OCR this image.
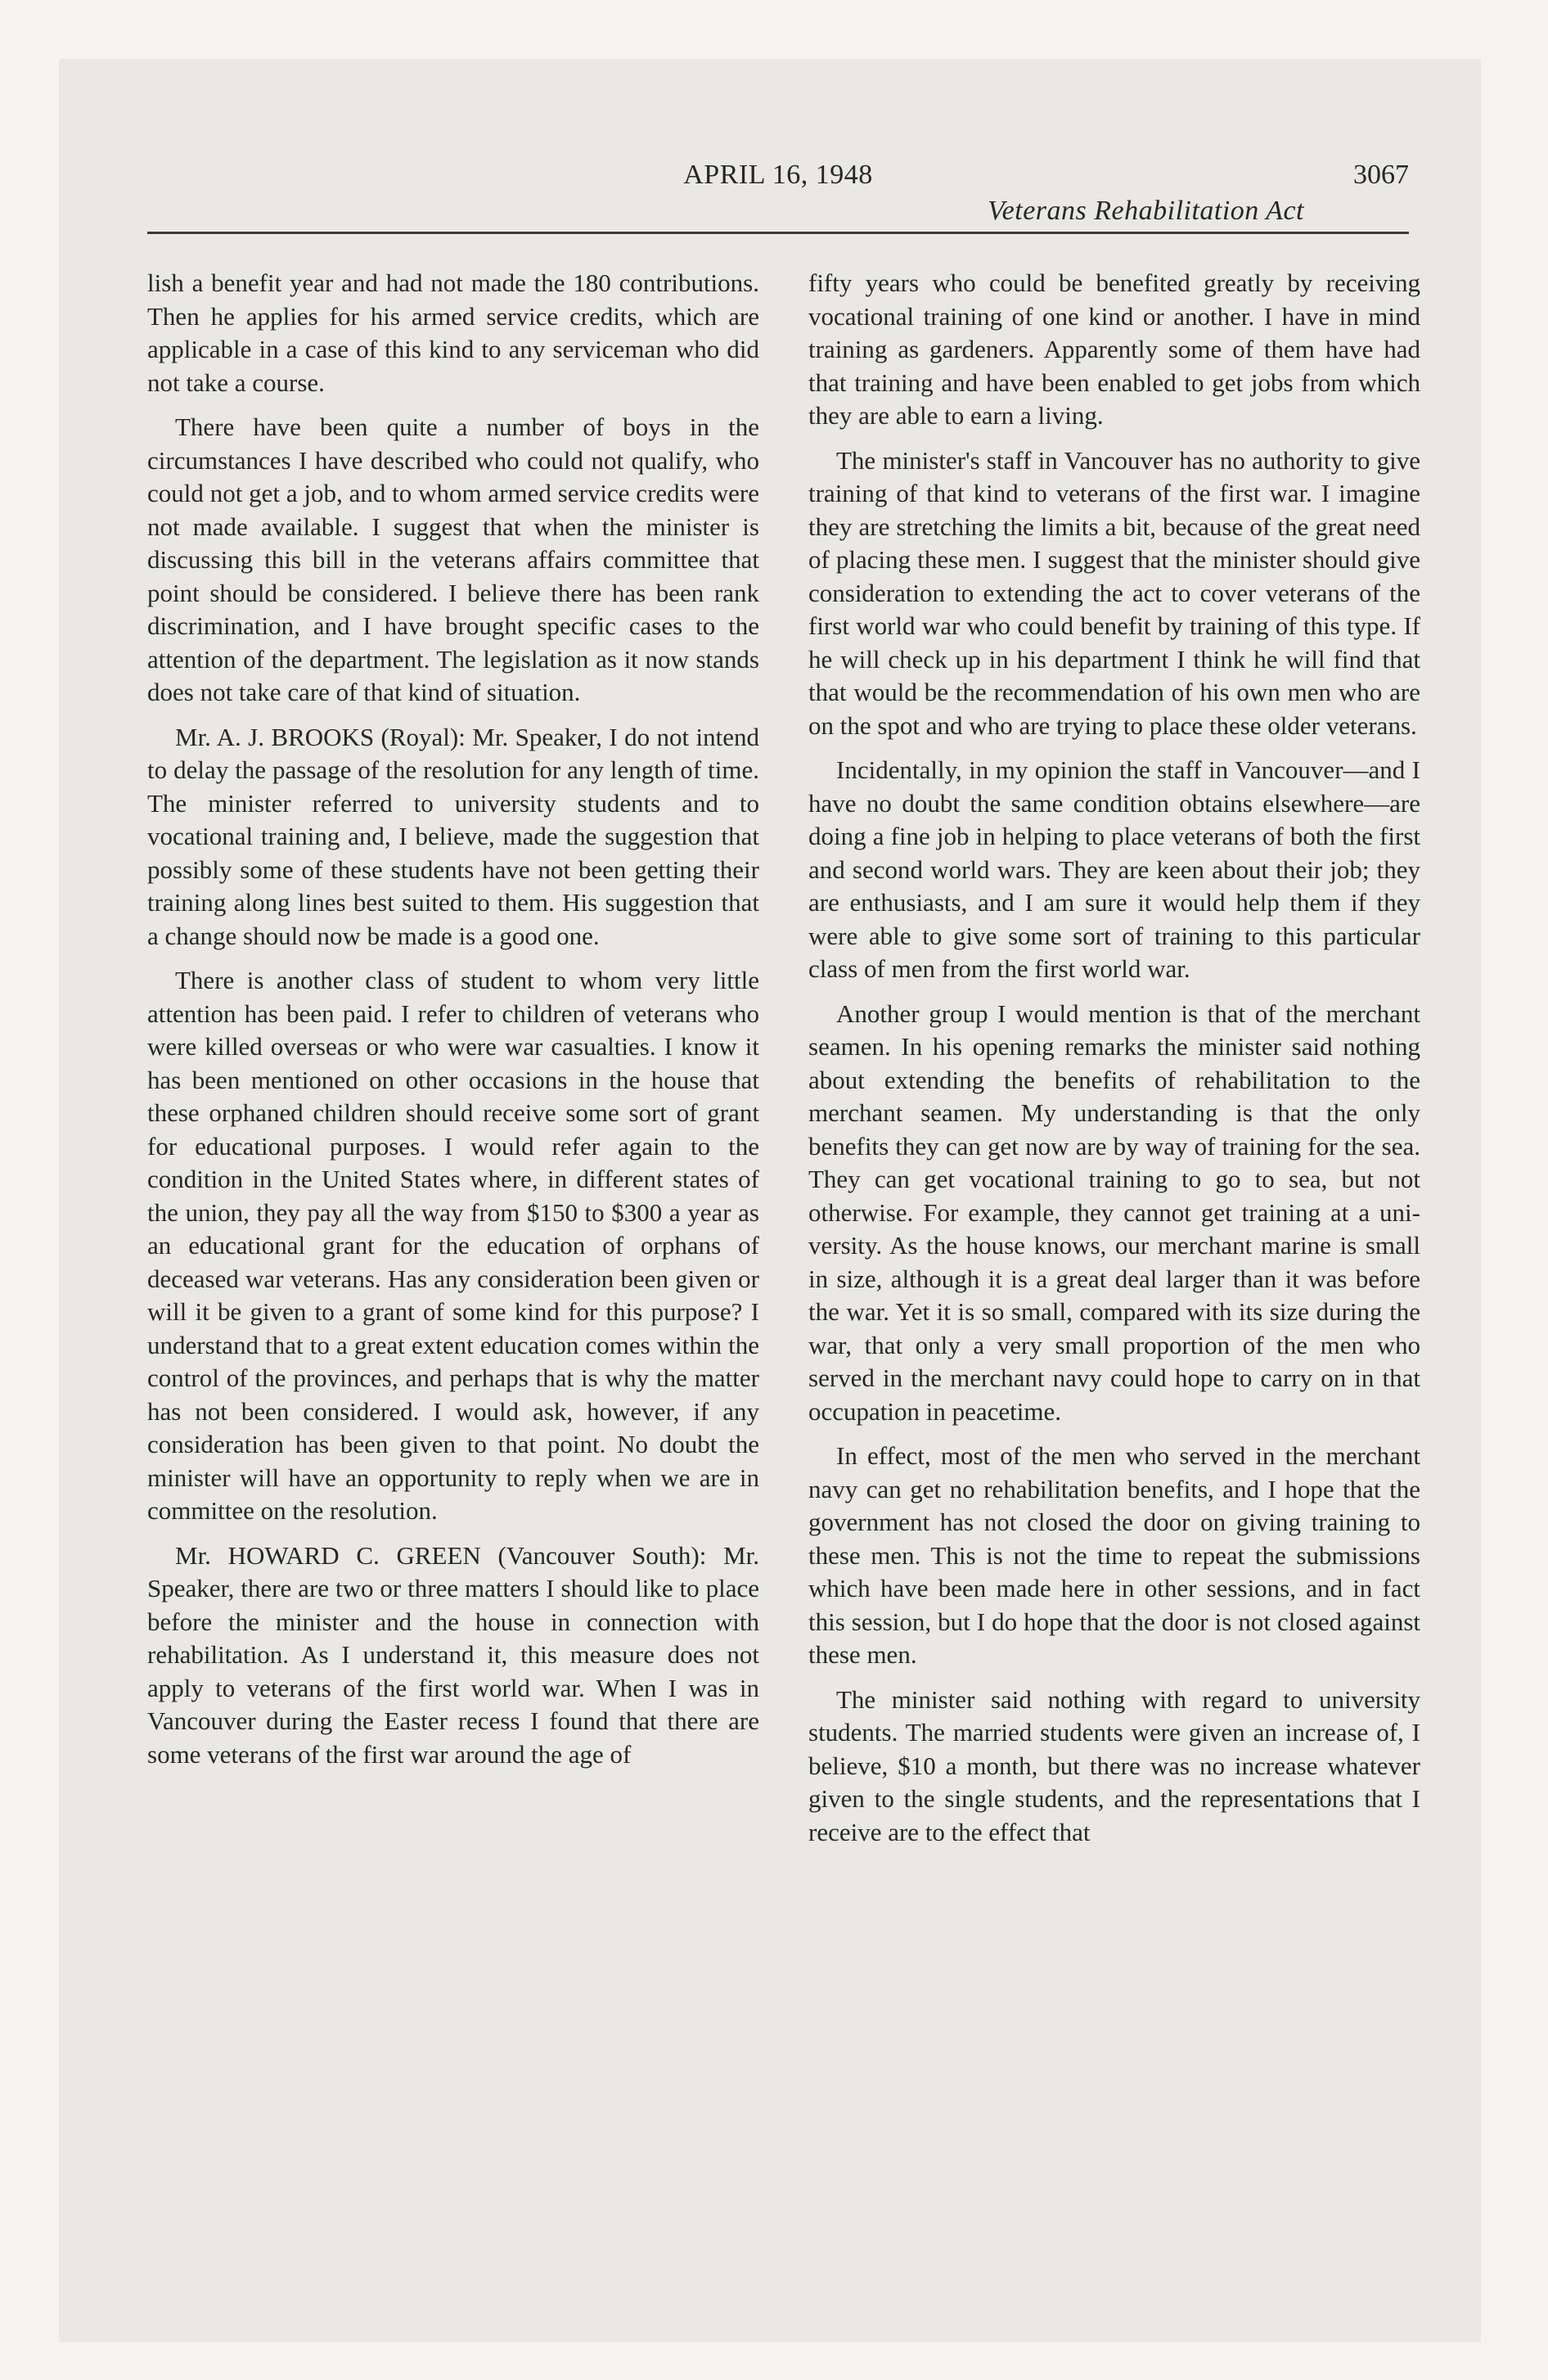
APRIL 16, 1948	3067
Veterans Rehabilitation Act

lish a benefit year and had not made the 180 contributions. Then he applies for his armed service credits, which are applicable in a case of this kind to any serviceman who did not take a course.

There have been quite a number of boys in the circumstances I have described who could not qualify, who could not get a job, and to whom armed service credits were not made available. I suggest that when the minister is discussing this bill in the veterans affairs committee that point should be considered. I believe there has been rank discrimination, and I have brought specific cases to the attention of the department. The legislation as it now stands does not take care of that kind of situation.

Mr. A. J. BROOKS (Royal): Mr. Speaker, I do not intend to delay the passage of the resolution for any length of time. The minister referred to university students and to vocational training and, I believe, made the suggestion that possibly some of these students have not been getting their training along lines best suited to them. His suggestion that a change should now be made is a good one.

There is another class of student to whom very little attention has been paid. I refer to children of veterans who were killed overseas or who were war casualties. I know it has been mentioned on other occasions in the house that these orphaned children should receive some sort of grant for educational purposes. I would refer again to the condition in the United States where, in different states of the union, they pay all the way from $150 to $300 a year as an educational grant for the education of orphans of deceased war veterans. Has any consideration been given or will it be given to a grant of some kind for this purpose? I understand that to a great extent education comes within the control of the provinces, and perhaps that is why the matter has not been considered. I would ask, however, if any consideration has been given to that point. No doubt the minister will have an opportunity to reply when we are in committee on the resolution.

Mr. HOWARD C. GREEN (Vancouver South): Mr. Speaker, there are two or three matters I should like to place before the minister and the house in connection with rehabilitation. As I understand it, this measure does not apply to veterans of the first world war. When I was in Vancouver during the Easter recess I found that there are some veterans of the first war around the age of

fifty years who could be benefited greatly by receiving vocational training of one kind or another. I have in mind training as gardeners. Apparently some of them have had that training and have been enabled to get jobs from which they are able to earn a living.

The minister's staff in Vancouver has no authority to give training of that kind to veterans of the first war. I imagine they are stretching the limits a bit, because of the great need of placing these men. I suggest that the minister should give consideration to extending the act to cover veterans of the first world war who could benefit by training of this type. If he will check up in his department I think he will find that that would be the recommendation of his own men who are on the spot and who are trying to place these older veterans.

Incidentally, in my opinion the staff in Vancouver—and I have no doubt the same condition obtains elsewhere—are doing a fine job in helping to place veterans of both the first and second world wars. They are keen about their job; they are enthusiasts, and I am sure it would help them if they were able to give some sort of training to this particular class of men from the first world war.

Another group I would mention is that of the merchant seamen. In his opening remarks the minister said nothing about extending the benefits of rehabilitation to the merchant seamen. My understanding is that the only benefits they can get now are by way of training for the sea. They can get vocational training to go to sea, but not otherwise. For example, they cannot get training at a university. As the house knows, our merchant marine is small in size, although it is a great deal larger than it was before the war. Yet it is so small, compared with its size during the war, that only a very small proportion of the men who served in the merchant navy could hope to carry on in that occupation in peacetime.

In effect, most of the men who served in the merchant navy can get no rehabilitation benefits, and I hope that the government has not closed the door on giving training to these men. This is not the time to repeat the submissions which have been made here in other sessions, and in fact this session, but I do hope that the door is not closed against these men.

The minister said nothing with regard to university students. The married students were given an increase of, I believe, $10 a month, but there was no increase whatever given to the single students, and the representations that I receive are to the effect that
